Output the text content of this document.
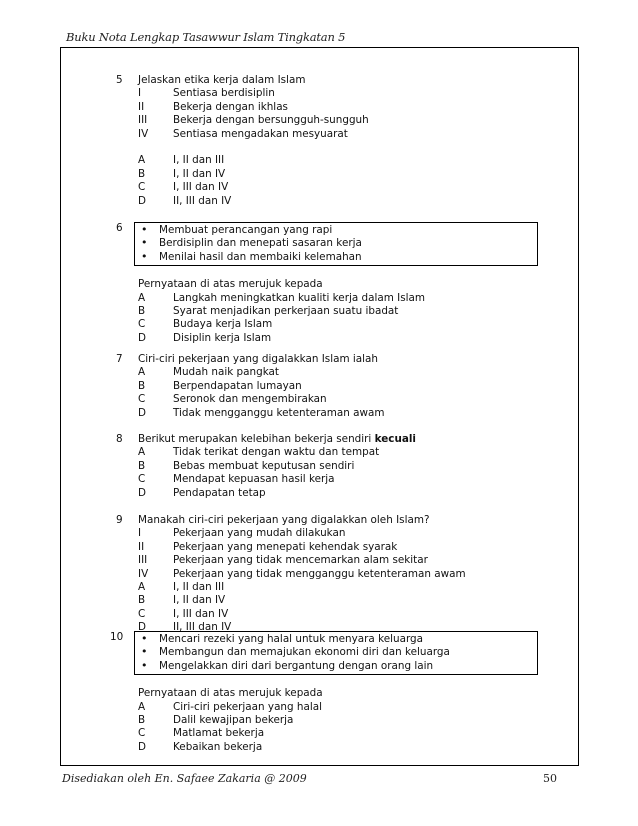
Buku Nota Lengkap Tasawwur Islam Tingkatan 5
5	Jelaskan etika kerja dalam Islam
I	Sentiasa berdisiplin
II	Bekerja dengan ikhlas
III Bekerja dengan bersungguh-sungguh
IV Sentiasa mengadakan mesyuarat
A	I, II dan III
B	I, II dan IV
C	I, III dan IV
D	II, III dan IV
6	• Membuat perancangan yang rapi
• Berdisiplin dan menepati sasaran kerja
• Menilai hasil dan membaiki kelemahan
Pernyataan di atas merujuk kepada
A	Langkah meningkatkan kualiti kerja dalam Islam
B	Syarat menjadikan perkerjaan suatu ibadat
C	Budaya kerja Islam
D	Disiplin kerja Islam
7	Ciri-ciri pekerjaan yang digalakkan Islam ialah
A	Mudah naik pangkat
B	Berpendapatan lumayan
C	Seronok dan mengembirakan
D	Tidak mengganggu ketenteraman awam
8	Berikut merupakan kelebihan bekerja sendiri kecuali
A	Tidak terikat dengan waktu dan tempat
B	Bebas membuat keputusan sendiri
C	Mendapat kepuasan hasil kerja
D	Pendapatan tetap
9	Manakah ciri-ciri pekerjaan yang digalakkan oleh Islam?
I	Pekerjaan yang mudah dilakukan
II	Pekerjaan yang menepati kehendak syarak
III Pekerjaan yang tidak mencemarkan alam sekitar
IV Pekerjaan yang tidak mengganggu ketenteraman awam
A	I, II dan III
B	I, II dan IV
C	I, III dan IV
D	II, III dan IV
10	• Mencari rezeki yang halal untuk menyara keluarga
• Membangun dan memajukan ekonomi diri dan keluarga
• Mengelakkan diri dari bergantung dengan orang lain
Pernyataan di atas merujuk kepada
A	Ciri-ciri pekerjaan yang halal
B	Dalil kewajipan bekerja
C	Matlamat bekerja
D	Kebaikan bekerja
Disediakan oleh En. Safaee Zakaria @ 2009	50
